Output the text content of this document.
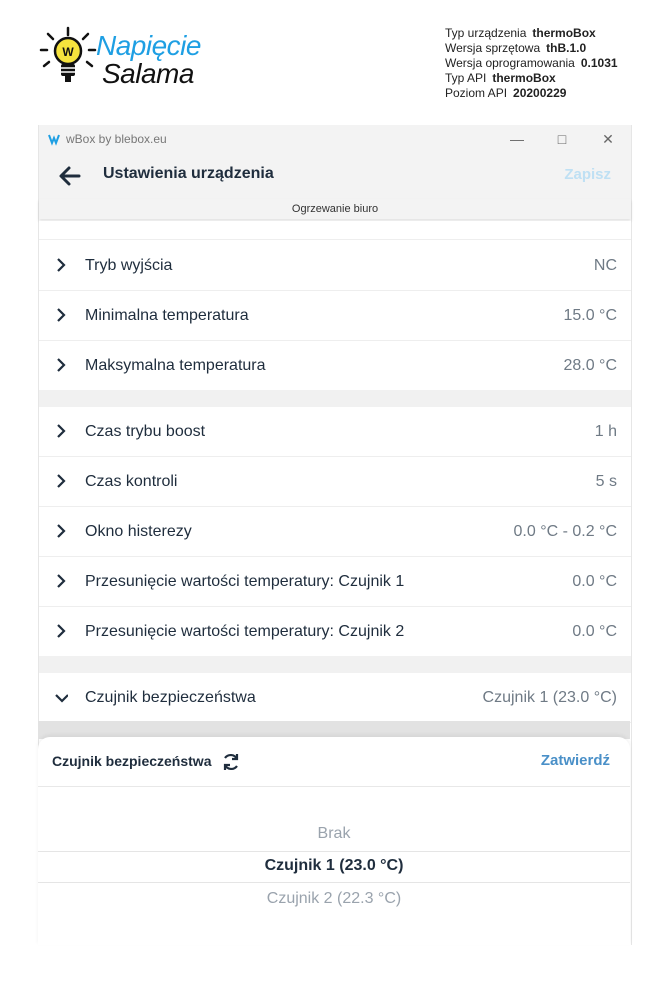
W Napięcie
Salama
Typ urządzenia thermoBox
Wersja sprzętowa thB.1.0
Wersja oprogramowania 0.1031
Typ API thermoBox
Poziom API 20200229
wBox by blebox.eu	—	□	✕
Ustawienia urządzenia	Zapisz
Ogrzewanie biuro
Tryb wyjścia	NC
Minimalna temperatura	15.0 °C
Maksymalna temperatura	28.0 °C
Czas trybu boost	1 h
Czas kontroli	5 s
Okno histerezy	0.0 °C - 0.2 °C
Przesunięcie wartości temperatury: Czujnik 1	0.0 °C
Przesunięcie wartości temperatury: Czujnik 2	0.0 °C
Czujnik bezpieczeństwa	Czujnik 1 (23.0 °C)
Czujnik bezpieczeństwa	Zatwierdź
Brak
Czujnik 1 (23.0 °C)
Czujnik 2 (22.3 °C)
